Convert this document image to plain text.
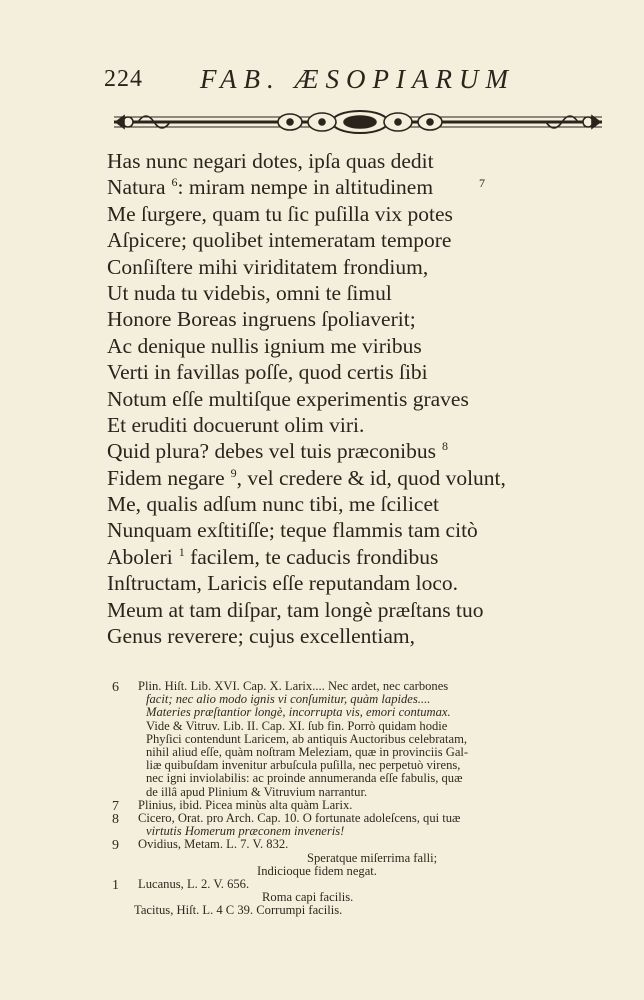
224 FAB. ÆSOPIARUM
Has nunc negari dotes, ipſa quas dedit
Natura $^6$: miram nempe in altitudinem	7
Me ſurgere, quam tu ſic puſilla vix potes
Aſpicere; quolibet intemeratam tempore
Conſiſtere mihi viriditatem frondium,
Ut nuda tu videbis, omni te ſimul
Honore Boreas ingruens ſpoliaverit;
Ac denique nullis ignium me viribus
Verti in favillas poſſe, quod certis ſibi
Notum eſſe multiſque experimentis graves
Et eruditi docuerunt olim viri.
Quid plura? debes vel tuis præconibus $^8$
Fidem negare $^9$, vel credere & id, quod volunt,
Me, qualis adſum nunc tibi, me ſcilicet
Nunquam exſtitiſſe; teque flammis tam citò
Aboleri $^1$ facilem, te caducis frondibus
Inſtructam, Laricis eſſe reputandam loco.
Meum at tam diſpar, tam longè præſtans tuo
Genus reverere; cujus excellentiam,
6	Plin. Hiſt. Lib. XVI. Cap. X. Larix.... Nec ardet, nec carbones
facit; nec alio modo ignis vi conſumitur, quàm lapides....
Materies præſtantior longè, incorrupta vis, emori contumax.
Vide & Vitruv. Lib. II. Cap. XI. ſub fin. Porrò quidam hodie
Phyſici contendunt Laricem, ab antiquis Auctoribus celebratam,
nihil aliud eſſe, quàm noſtram Meleziam, quæ in provinciis Gal-
liæ quibuſdam invenitur arbuſcula puſilla, nec perpetuò virens,
nec igni inviolabilis: ac proinde annumeranda eſſe fabulis, quæ
de illâ apud Plinium & Vitruvium narrantur.
7	Plinius, ibid. Picea minùs alta quàm Larix.
8	Cicero, Orat. pro Arch. Cap. 10. O fortunate adoleſcens, qui tuæ
virtutis Homerum præconem inveneris!
9	Ovidius, Metam. L. 7. V. 832.
Speratque miſerrima falli;
Indicioque fidem negat.
1	Lucanus, L. 2. V. 656.
Roma capi facilis.
Tacitus, Hiſt. L. 4 C 39. Corrumpi facilis.
